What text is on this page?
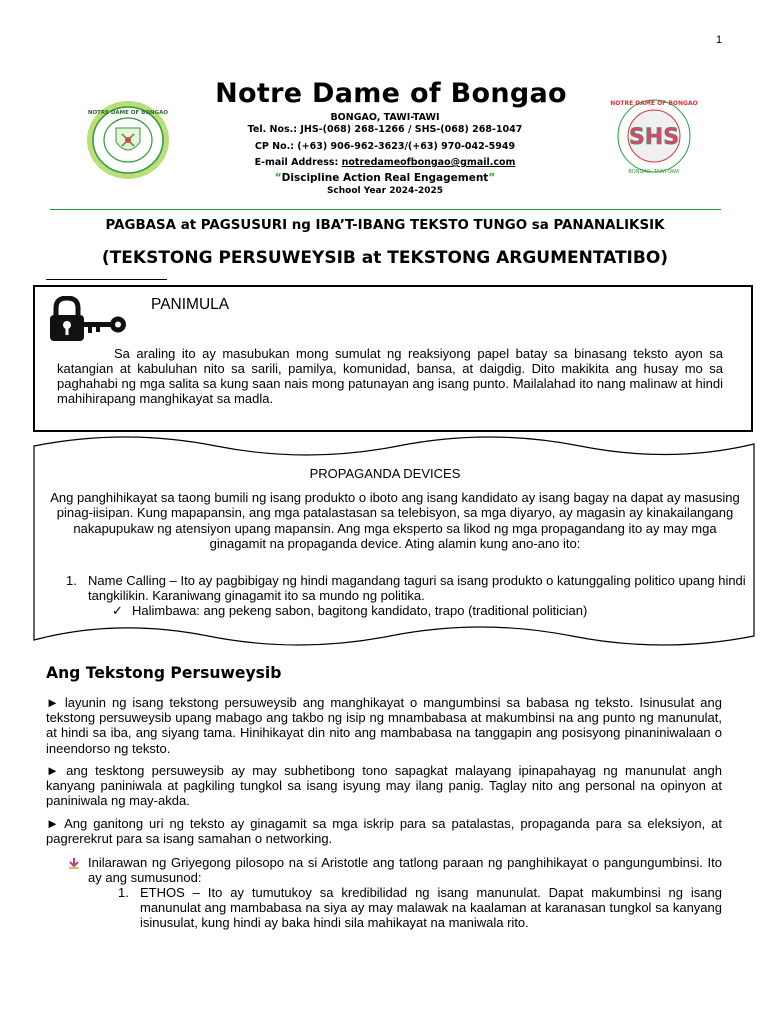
1
NOTRE DAME OF BONGAO
SHS
NOTRE DAME OF BONGAO
BONGAO, TAWI-TAWI
Notre Dame of Bongao
BONGAO, TAWI-TAWI
Tel. Nos.: JHS-(068) 268-1266 / SHS-(068) 268-1047
CP No.: (+63) 906-962-3623/(+63) 970-042-5949
E-mail Address: notredameofbongao@gmail.com
“Discipline Action Real Engagement”
School Year 2024-2025
PAGBASA at PAGSUSURI ng IBA’T-IBANG TEKSTO TUNGO sa PANANALIKSIK
(TEKSTONG PERSUWEYSIB at TEKSTONG ARGUMENTATIBO)
PANIMULA

Sa araling ito ay masubukan mong sumulat ng reaksiyong papel batay sa binasang teksto ayon sa katangian at kabuluhan nito sa sarili, pamilya, komunidad, bansa, at daigdig. Dito makikita ang husay mo sa paghahabi ng mga salita sa kung saan nais mong patunayan ang isang punto. Mailalahad ito nang malinaw at hindi mahihirapang manghikayat sa madla.

PROPAGANDA DEVICES
Ang panghihikayat sa taong bumili ng isang produkto o iboto ang isang kandidato ay isang bagay na dapat ay masusing pinag-iisipan. Kung mapapansin, ang mga patalastasan sa telebisyon, sa mga diyaryo, ay magasin ay kinakailangang nakapupukaw ng atensiyon upang mapansin. Ang mga eksperto sa likod ng mga propagandang ito ay may mga ginagamit na propaganda device. Ating alamin kung ano-ano ito:
1. Name Calling – Ito ay pagbibigay ng hindi magandang taguri sa isang produkto o katunggaling politico upang hindi tangkilikin. Karaniwang ginagamit ito sa mundo ng politika.
✓ Halimbawa: ang pekeng sabon, bagitong kandidato, trapo (traditional politician)
Ang Tekstong Persuweysib
► layunin ng isang tekstong persuweysib ang manghikayat o mangumbinsi sa babasa ng teksto. Isinusulat ang tekstong persuweysib upang mabago ang takbo ng isip ng mnambabasa at makumbinsi na ang punto ng manunulat, at hindi sa iba, ang siyang tama. Hinihikayat din nito ang mambabasa na tanggapin ang posisyong pinaniniwalaan o ineendorso ng teksto.
► ang tesktong persuweysib ay may subhetibong tono sapagkat malayang ipinapahayag ng manunulat angh kanyang paniniwala at pagkiling tungkol sa isang isyung may ilang panig. Taglay nito ang personal na opinyon at paniniwala ng may-akda.
► Ang ganitong uri ng teksto ay ginagamit sa mga iskrip para sa patalastas, propaganda para sa eleksiyon, at pagrerekrut para sa isang samahan o networking.
Inilarawan ng Griyegong pilosopo na si Aristotle ang tatlong paraan ng panghihikayat o pangungumbinsi. Ito ay ang sumusunod:
1. ETHOS – Ito ay tumutukoy sa kredibilidad ng isang manunulat. Dapat makumbinsi ng isang manunulat ang mambabasa na siya ay may malawak na kaalaman at karanasan tungkol sa kanyang isinusulat, kung hindi ay baka hindi sila mahikayat na maniwala rito.
